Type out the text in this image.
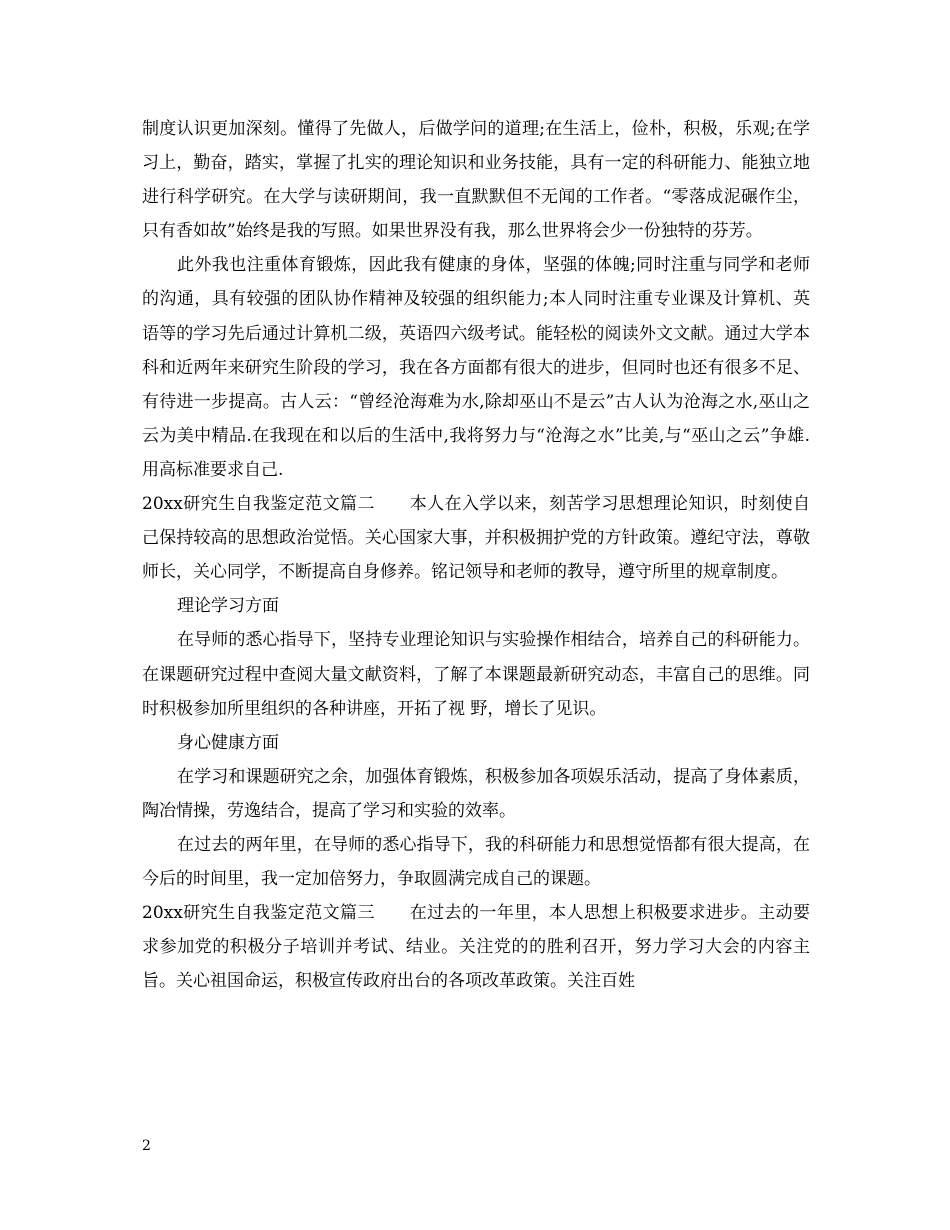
制度认识更加深刻。懂得了先做人，后做学问的道理;在生活上，俭朴，积极，乐观;在学习上，勤奋，踏实，掌握了扎实的理论知识和业务技能，具有一定的科研能力、能独立地进行科学研究。在大学与读研期间，我一直默默但不无闻的工作者。“零落成泥碾作尘，只有香如故”始终是我的写照。如果世界没有我，那么世界将会少一份独特的芬芳。

此外我也注重体育锻炼，因此我有健康的身体，坚强的体魄;同时注重与同学和老师的沟通，具有较强的团队协作精神及较强的组织能力;本人同时注重专业课及计算机、英语等的学习先后通过计算机二级，英语四六级考试。能轻松的阅读外文文献。通过大学本科和近两年来研究生阶段的学习，我在各方面都有很大的进步，但同时也还有很多不足、有待进一步提高。古人云：“曾经沧海难为水,除却巫山不是云”古人认为沧海之水,巫山之云为美中精品.在我现在和以后的生活中,我将努力与“沧海之水”比美,与“巫山之云”争雄.用高标准要求自己.

20xx研究生自我鉴定范文篇二　　本人在入学以来，刻苦学习思想理论知识，时刻使自己保持较高的思想政治觉悟。关心国家大事，并积极拥护党的方针政策。遵纪守法，尊敬师长，关心同学，不断提高自身修养。铭记领导和老师的教导，遵守所里的规章制度。

理论学习方面

在导师的悉心指导下，坚持专业理论知识与实验操作相结合，培养自己的科研能力。在课题研究过程中查阅大量文献资料，了解了本课题最新研究动态，丰富自己的思维。同时积极参加所里组织的各种讲座，开拓了视 野，增长了见识。

身心健康方面

在学习和课题研究之余，加强体育锻炼，积极参加各项娱乐活动，提高了身体素质，陶冶情操，劳逸结合，提高了学习和实验的效率。

在过去的两年里，在导师的悉心指导下，我的科研能力和思想觉悟都有很大提高，在今后的时间里，我一定加倍努力，争取圆满完成自己的课题。

20xx研究生自我鉴定范文篇三　　在过去的一年里，本人思想上积极要求进步。主动要求参加党的积极分子培训并考试、结业。关注党的的胜利召开，努力学习大会的内容主旨。关心祖国命运，积极宣传政府出台的各项改革政策。关注百姓

2
